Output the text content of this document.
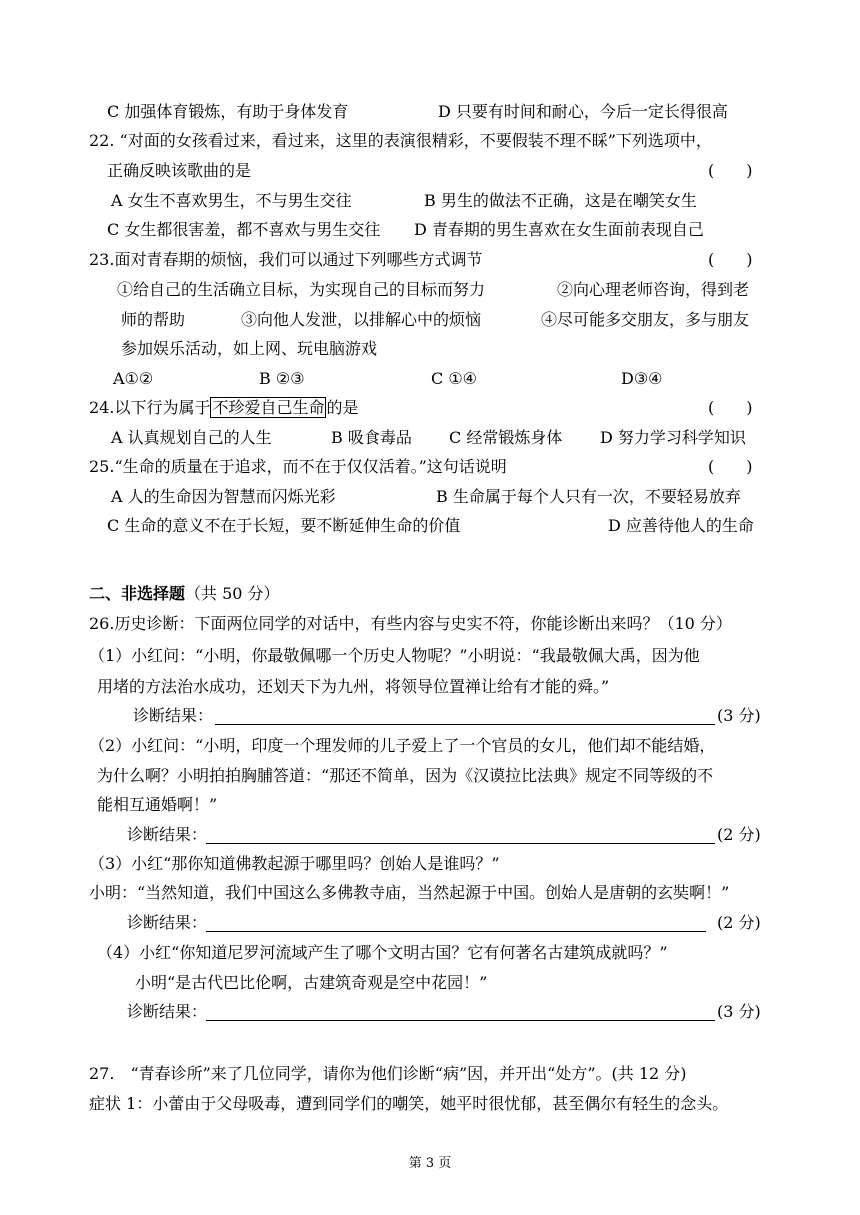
C 加强体育锻炼，有助于身体发育	D 只要有时间和耐心，今后一定长得很高
22. “对面的女孩看过来，看过来，这里的表演很精彩，不要假装不理不睬”下列选项中，
正确反映该歌曲的是	(　　)
A 女生不喜欢男生，不与男生交往	B 男生的做法不正确，这是在嘲笑女生
C 女生都很害羞，都不喜欢与男生交往 D 青春期的男生喜欢在女生面前表现自己
23.面对青春期的烦恼，我们可以通过下列哪些方式调节	(　　)
①给自己的生活确立目标，为实现自己的目标而努力	②向心理老师咨询，得到老
师的帮助	③向他人发泄，以排解心中的烦恼	④尽可能多交朋友，多与朋友
参加娱乐活动，如上网、玩电脑游戏
A①②	B ②③	C ①④	D③④
24.以下行为属于 不珍爱自己生命 的是	(　　)
A 认真规划自己的人生	B 吸食毒品 C 经常锻炼身体 D 努力学习科学知识
25.“生命的质量在于追求，而不在于仅仅活着。”这句话说明	(　　)
A 人的生命因为智慧而闪烁光彩	B 生命属于每个人只有一次，不要轻易放弃
C 生命的意义不在于长短，要不断延伸生命的价值	D 应善待他人的生命
二、非选择题（共 50 分）
26.历史诊断：下面两位同学的对话中，有些内容与史实不符，你能诊断出来吗？（10 分）
（1）小红问：“小明，你最敬佩哪一个历史人物呢？”小明说：“我最敬佩大禹，因为他
用堵的方法治水成功，还划天下为九州，将领导位置禅让给有才能的舜。”
诊断结果：	(3 分)
（2）小红问：“小明，印度一个理发师的儿子爱上了一个官员的女儿，他们却不能结婚，
为什么啊？小明拍拍胸脯答道：“那还不简单，因为《汉谟拉比法典》规定不同等级的不
能相互通婚啊！”
诊断结果：	(2 分)
（3）小红“那你知道佛教起源于哪里吗？创始人是谁吗？”
小明：“当然知道，我们中国这么多佛教寺庙，当然起源于中国。创始人是唐朝的玄奘啊！”
诊断结果：	(2 分)
（4）小红“你知道尼罗河流域产生了哪个文明古国？它有何著名古建筑成就吗？”
小明“是古代巴比伦啊，古建筑奇观是空中花园！”
诊断结果：	(3 分)
27.　“青春诊所”来了几位同学，请你为他们诊断“病”因，并开出“处方”。(共 12 分)
症状 1：小蕾由于父母吸毒，遭到同学们的嘲笑，她平时很忧郁，甚至偶尔有轻生的念头。
第 3 页
